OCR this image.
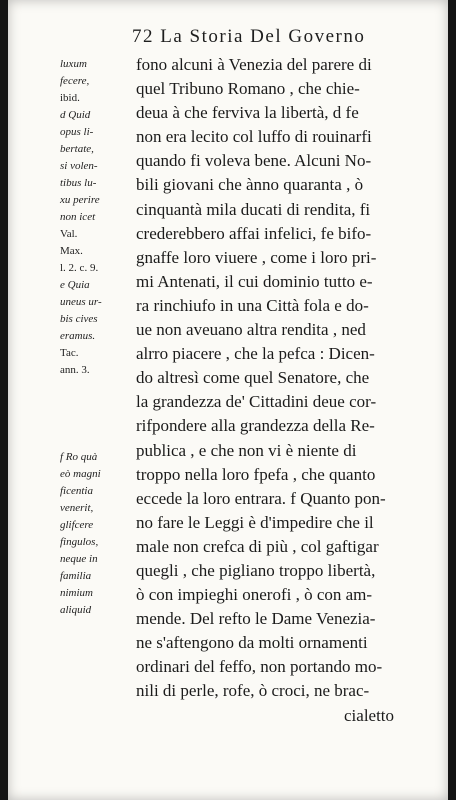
72 La Storia Del Governo
luxum
fecere,
ibid.
d Quid
opus li-
bertate,
si volen-
tibus lu-
xu perire
non icet
Val.
Max.
l. 2. c. 9.
e Quia
uneus ur-
bis cives
eramus.
Tac.
ann. 3.
f Ro quà
eò magni
ficentia
venerit,
glifcere
fingulos,
neque in
familia
nimium
aliquid
fono alcuni à Venezia del parere di
quel Tribuno Romano , che chie-
deua à che ferviva la libertà, d fe
non era lecito col luffo di rouinarfi
quando fi voleva bene. Alcuni No-
bili giovani che ànno quaranta , ò
cinquantà mila ducati di rendita, fi
crederebbero affai infelici, fe bifo-
gnaffe loro viuere , come i loro pri-
mi Antenati, il cui dominio tutto e-
ra rinchiufo in una Città fola e do-
ue non aveuano altra rendita , ned
alrro piacere , che la pefca : Dicen-
do altresì come quel Senatore, che
la grandezza de' Cittadini deue cor-
rifpondere alla grandezza della Re-
publica , e che non vi è niente di
troppo nella loro fpefa , che quanto
eccede la loro entrara. f Quanto pon-
no fare le Leggi è d'impedire che il
male non crefca di più , col gaftigar
quegli , che pigliano troppo libertà,
ò con impieghi onerofi , ò con am-
mende. Del refto le Dame Venezia-
ne s'aftengono da molti ornamenti
ordinari del feffo, non portando mo-
nili di perle, rofe, ò croci, ne brac-
cialetto
